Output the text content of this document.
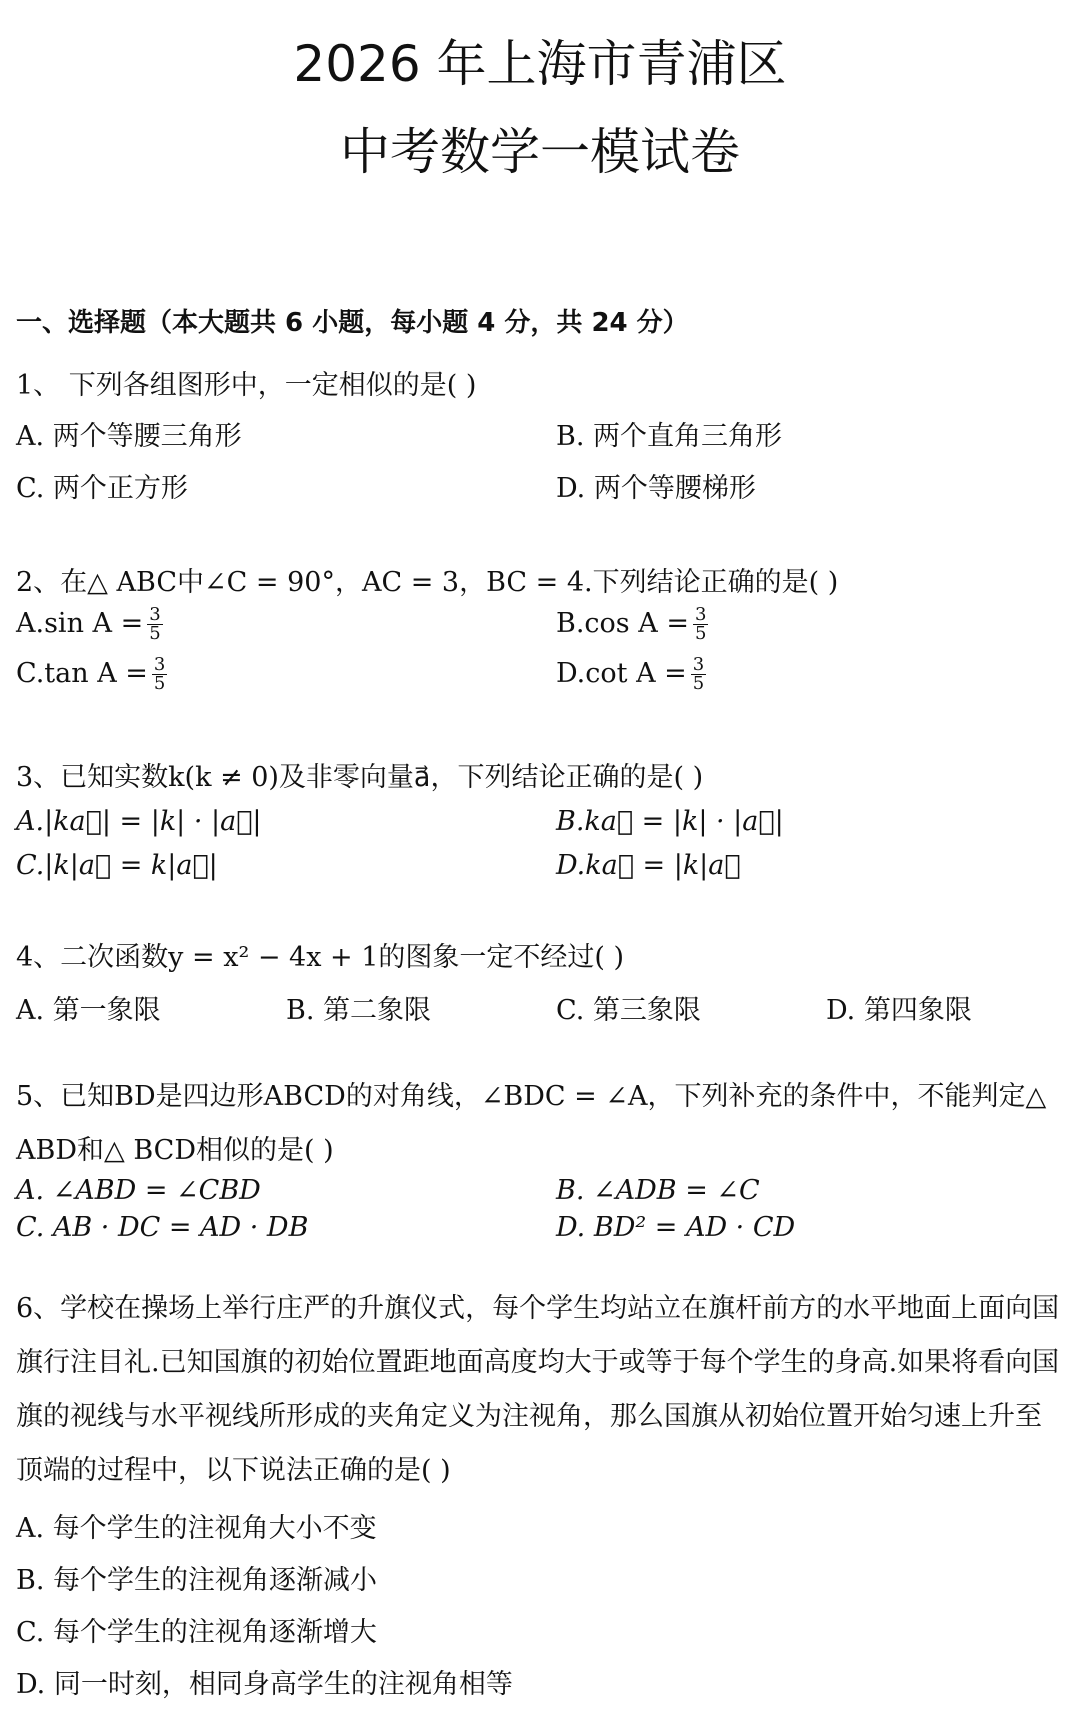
2026 年上海市青浦区
中考数学一模试卷
一、选择题（本大题共 6 小题，每小题 4 分，共 24 分）
1、 下列各组图形中，一定相似的是( )
A. 两个等腰三角形	B. 两个直角三角形
C. 两个正方形	D. 两个等腰梯形
2、在△ ABC中∠C = 90°，AC = 3，BC = 4.下列结论正确的是( )
A.sin $A = \frac{3}{5}$	B.cos $A = \frac{3}{5}$
C.tan $A = \frac{3}{5}$	D.cot $A = \frac{3}{5}$
3、已知实数k(k ≠ 0)及非零向量a⃗，下列结论正确的是( )
A.|ka⃗| = |k| · |a⃗|	B.ka⃗ = |k| · |a⃗|
C.|k|a⃗ = k|a⃗|	D.ka⃗ = |k|a⃗
4、二次函数y = x² − 4x + 1的图象一定不经过( )
A. 第一象限	B. 第二象限	C. 第三象限	D. 第四象限
5、已知BD是四边形ABCD的对角线，∠BDC = ∠A，下列补充的条件中，不能判定△ ABD和△ BCD相似的是( )
A. ∠ABD = ∠CBD	B. ∠ADB = ∠C
C. AB · DC = AD · DB	D. BD² = AD · CD
6、学校在操场上举行庄严的升旗仪式，每个学生均站立在旗杆前方的水平地面上面向国旗行注目礼.已知国旗的初始位置距地面高度均大于或等于每个学生的身高.如果将看向国旗的视线与水平视线所形成的夹角定义为注视角，那么国旗从初始位置开始匀速上升至顶端的过程中，以下说法正确的是( )
A. 每个学生的注视角大小不变
B. 每个学生的注视角逐渐减小
C. 每个学生的注视角逐渐增大
D. 同一时刻，相同身高学生的注视角相等
